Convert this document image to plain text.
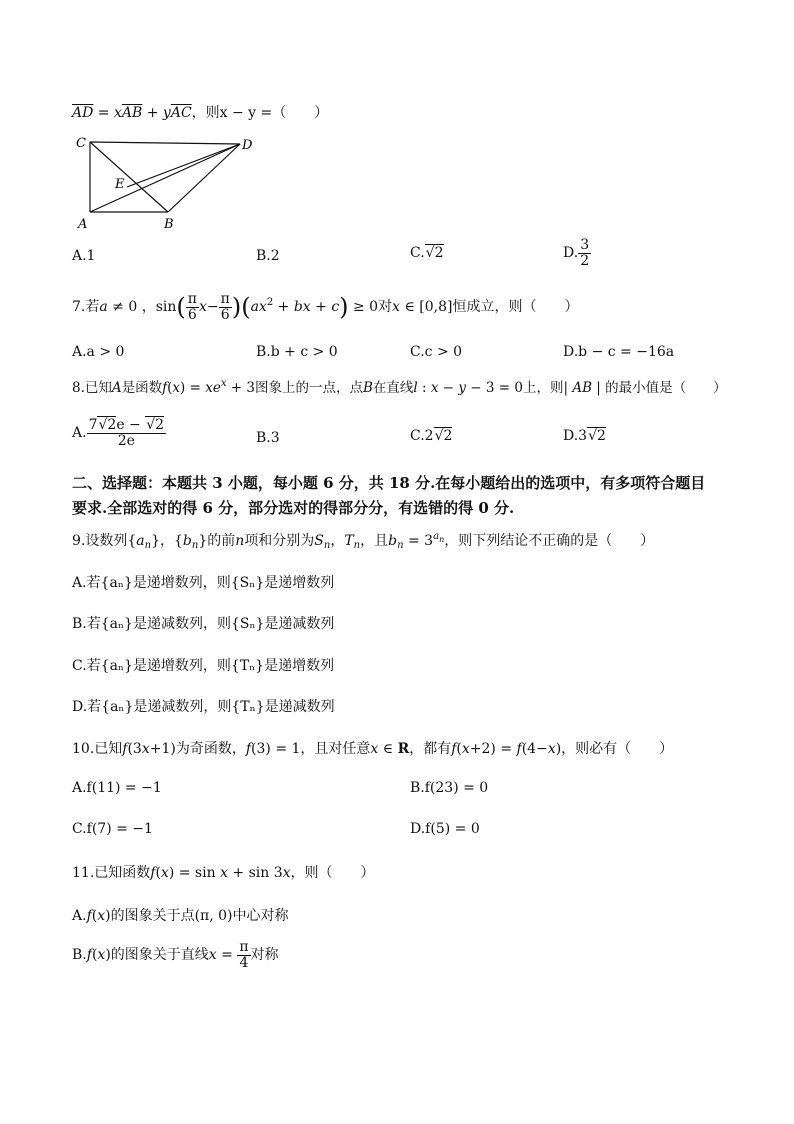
$\overline{AD} = x\overline{AB} + y\overline{AC}$，则x − y =（　　）
C	D
E
A	B
A.1	B.2	C.√2	D. $\frac{3}{2}$
7.若a ≠ 0 ，$\sin( \frac{\pi}{6} x- \frac{\pi}{6} )(ax^2$ + bx + c) ≥ 0对x ∈ [0,8]恒成立，则（　　）
A.a > 0	B.b + c > 0	C.c > 0	D.b − c = −16a
8.已知A是函数$f(x) = xe^x + 3$图象上的一点，点B在直线l : x − y − 3 = 0上，则| AB | 的最小值是（　　）
A. $\frac{7√2e - √2}{2e}$	B.3	C.2√2	D.3√2
二、选择题：本题共 3 小题，每小题 6 分，共 18 分.在每小题给出的选项中，有多项符合题目
要求.全部选对的得 6 分，部分选对的得部分分，有选错的得 0 分.
9.设数列$\{a_n\}$，$\{b_n\}$的前n项和分别为$S_n$，$T_n$，且$b_n = 3^{a_n}$，则下列结论不正确的是（　　）
A.若{aₙ}是递增数列，则{Sₙ}是递增数列
B.若{aₙ}是递减数列，则{Sₙ}是递减数列
C.若{aₙ}是递增数列，则{Tₙ}是递增数列
D.若{aₙ}是递减数列，则{Tₙ}是递减数列
10.已知f(3x+1)为奇函数，f(3) = 1，且对任意x ∈ R，都有f(x+2) = f(4−x)，则必有（　　）
A.f(11) = −1	B.f(23) = 0
C.f(7) = −1	D.f(5) = 0
11.已知函数f(x) = sin x + sin 3x，则（　　）
A.f(x)的图象关于点(π, 0)中心对称
B.f(x)的图象关于直线$x = \frac{\pi}{4}$ 对称
